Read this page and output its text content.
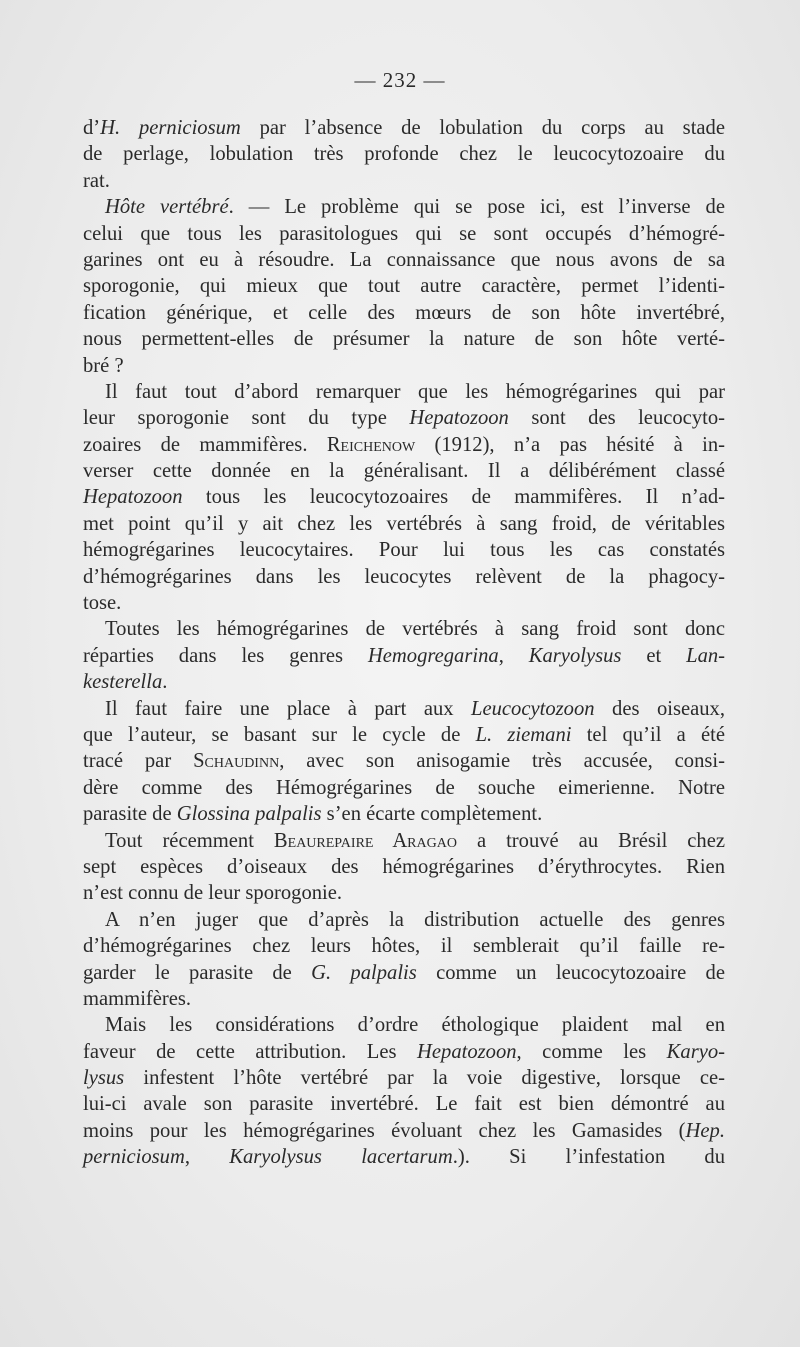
— 232 —
d’H. perniciosum par l’absence de lobulation du corps au stade
de perlage, lobulation très profonde chez le leucocytozoaire du
rat.
Hôte vertébré. — Le problème qui se pose ici, est l’inverse de
celui que tous les parasitologues qui se sont occupés d’hémogré-
garines ont eu à résoudre. La connaissance que nous avons de sa
sporogonie, qui mieux que tout autre caractère, permet l’identi-
fication générique, et celle des mœurs de son hôte invertébré,
nous permettent-elles de présumer la nature de son hôte verté-
bré ?
Il faut tout d’abord remarquer que les hémogrégarines qui par
leur sporogonie sont du type Hepatozoon sont des leucocyto-
zoaires de mammifères. Reichenow (1912), n’a pas hésité à in-
verser cette donnée en la généralisant. Il a délibérément classé
Hepatozoon tous les leucocytozoaires de mammifères. Il n’ad-
met point qu’il y ait chez les vertébrés à sang froid, de véritables
hémogrégarines leucocytaires. Pour lui tous les cas constatés
d’hémogrégarines dans les leucocytes relèvent de la phagocy-
tose.
Toutes les hémogrégarines de vertébrés à sang froid sont donc
réparties dans les genres Hemogregarina, Karyolysus et Lan-
kesterella.
Il faut faire une place à part aux Leucocytozoon des oiseaux,
que l’auteur, se basant sur le cycle de L. ziemani tel qu’il a été
tracé par Schaudinn, avec son anisogamie très accusée, consi-
dère comme des Hémogrégarines de souche eimerienne. Notre
parasite de Glossina palpalis s’en écarte complètement.
Tout récemment Beaurepaire Aragao a trouvé au Brésil chez
sept espèces d’oiseaux des hémogrégarines d’érythrocytes. Rien
n’est connu de leur sporogonie.
A n’en juger que d’après la distribution actuelle des genres
d’hémogrégarines chez leurs hôtes, il semblerait qu’il faille re-
garder le parasite de G. palpalis comme un leucocytozoaire de
mammifères.
Mais les considérations d’ordre éthologique plaident mal en
faveur de cette attribution. Les Hepatozoon, comme les Karyo-
lysus infestent l’hôte vertébré par la voie digestive, lorsque ce-
lui-ci avale son parasite invertébré. Le fait est bien démontré au
moins pour les hémogrégarines évoluant chez les Gamasides (Hep.
perniciosum, Karyolysus lacertarum.). Si l’infestation du
